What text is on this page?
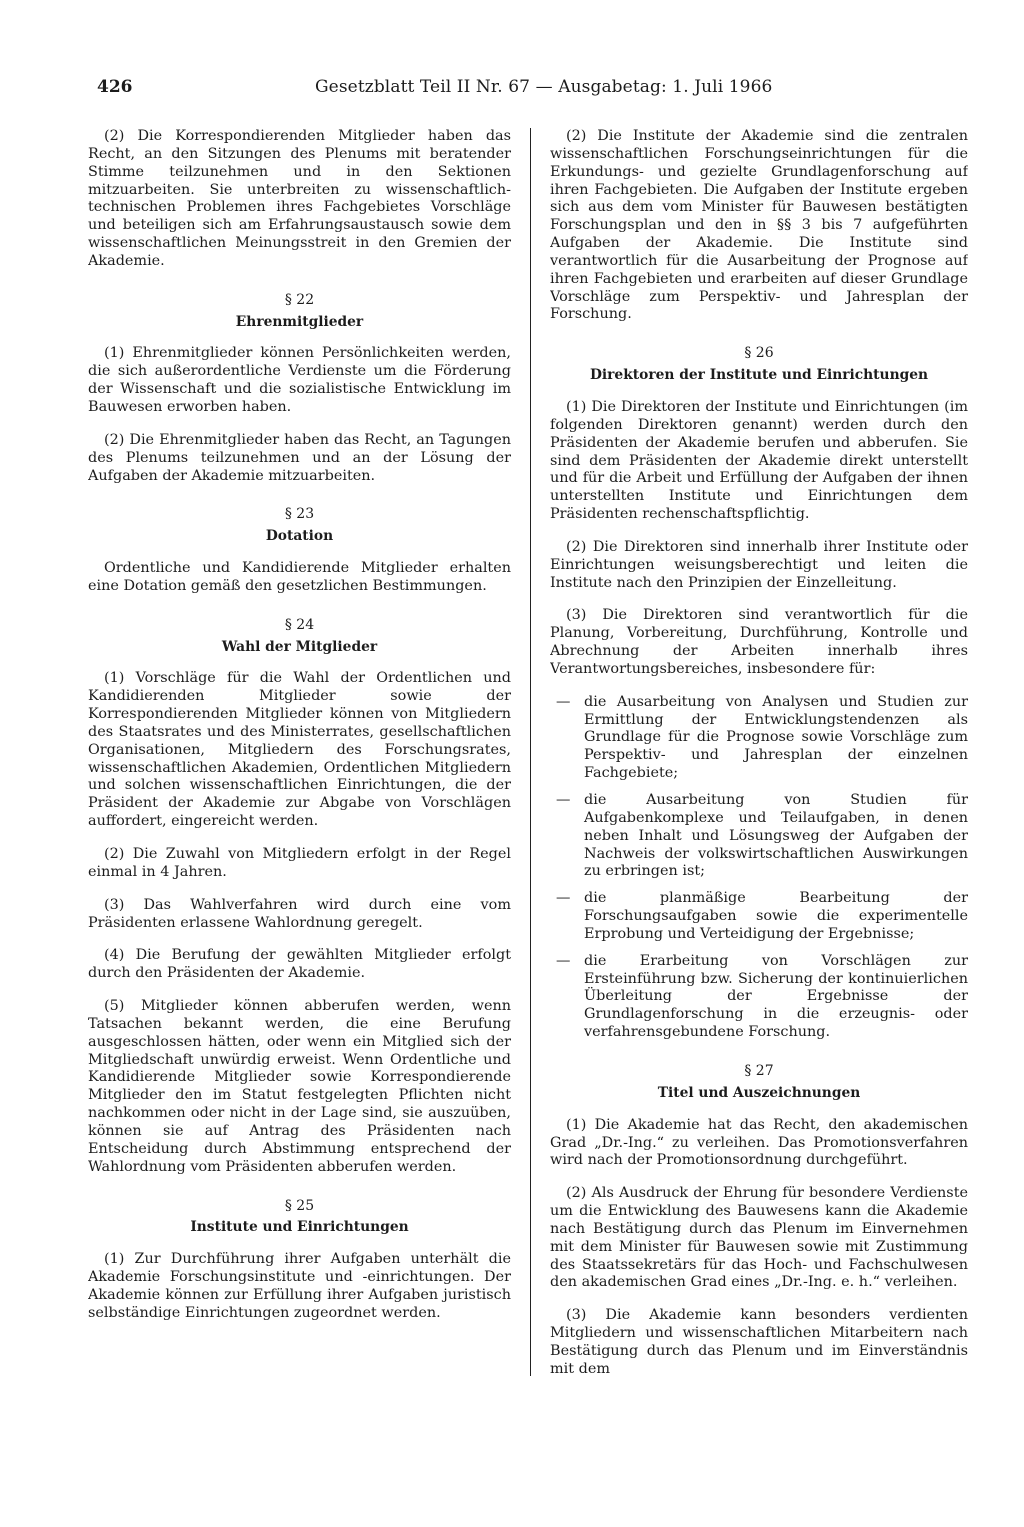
426	Gesetzblatt Teil II Nr. 67 — Ausgabetag: 1. Juli 1966

(2) Die Korrespondierenden Mitglieder haben das Recht, an den Sitzungen des Plenums mit beratender Stimme teilzunehmen und in den Sektionen mitzuarbeiten. Sie unterbreiten zu wissenschaftlich-technischen Problemen ihres Fachgebietes Vorschläge und beteiligen sich am Erfahrungsaustausch sowie dem wissenschaftlichen Meinungsstreit in den Gremien der Akademie.

§ 22
Ehrenmitglieder

(1) Ehrenmitglieder können Persönlichkeiten werden, die sich außerordentliche Verdienste um die Förderung der Wissenschaft und die sozialistische Entwicklung im Bauwesen erworben haben.

(2) Die Ehrenmitglieder haben das Recht, an Tagungen des Plenums teilzunehmen und an der Lösung der Aufgaben der Akademie mitzuarbeiten.

§ 23
Dotation

Ordentliche und Kandidierende Mitglieder erhalten eine Dotation gemäß den gesetzlichen Bestimmungen.

§ 24
Wahl der Mitglieder

(1) Vorschläge für die Wahl der Ordentlichen und Kandidierenden Mitglieder sowie der Korrespondierenden Mitglieder können von Mitgliedern des Staatsrates und des Ministerrates, gesellschaftlichen Organisationen, Mitgliedern des Forschungsrates, wissenschaftlichen Akademien, Ordentlichen Mitgliedern und solchen wissenschaftlichen Einrichtungen, die der Präsident der Akademie zur Abgabe von Vorschlägen auffordert, eingereicht werden.

(2) Die Zuwahl von Mitgliedern erfolgt in der Regel einmal in 4 Jahren.

(3) Das Wahlverfahren wird durch eine vom Präsidenten erlassene Wahlordnung geregelt.

(4) Die Berufung der gewählten Mitglieder erfolgt durch den Präsidenten der Akademie.

(5) Mitglieder können abberufen werden, wenn Tatsachen bekannt werden, die eine Berufung ausgeschlossen hätten, oder wenn ein Mitglied sich der Mitgliedschaft unwürdig erweist. Wenn Ordentliche und Kandidierende Mitglieder sowie Korrespondierende Mitglieder den im Statut festgelegten Pflichten nicht nachkommen oder nicht in der Lage sind, sie auszuüben, können sie auf Antrag des Präsidenten nach Entscheidung durch Abstimmung entsprechend der Wahlordnung vom Präsidenten abberufen werden.

§ 25
Institute und Einrichtungen

(1) Zur Durchführung ihrer Aufgaben unterhält die Akademie Forschungsinstitute und -einrichtungen. Der Akademie können zur Erfüllung ihrer Aufgaben juristisch selbständige Einrichtungen zugeordnet werden.

(2) Die Institute der Akademie sind die zentralen wissenschaftlichen Forschungseinrichtungen für die Erkundungs- und gezielte Grundlagenforschung auf ihren Fachgebieten. Die Aufgaben der Institute ergeben sich aus dem vom Minister für Bauwesen bestätigten Forschungsplan und den in §§ 3 bis 7 aufgeführten Aufgaben der Akademie. Die Institute sind verantwortlich für die Ausarbeitung der Prognose auf ihren Fachgebieten und erarbeiten auf dieser Grundlage Vorschläge zum Perspektiv- und Jahresplan der Forschung.

§ 26
Direktoren der Institute und Einrichtungen

(1) Die Direktoren der Institute und Einrichtungen (im folgenden Direktoren genannt) werden durch den Präsidenten der Akademie berufen und abberufen. Sie sind dem Präsidenten der Akademie direkt unterstellt und für die Arbeit und Erfüllung der Aufgaben der ihnen unterstellten Institute und Einrichtungen dem Präsidenten rechenschaftspflichtig.

(2) Die Direktoren sind innerhalb ihrer Institute oder Einrichtungen weisungsberechtigt und leiten die Institute nach den Prinzipien der Einzelleitung.

(3) Die Direktoren sind verantwortlich für die Planung, Vorbereitung, Durchführung, Kontrolle und Abrechnung der Arbeiten innerhalb ihres Verantwortungsbereiches, insbesondere für:

— die Ausarbeitung von Analysen und Studien zur Ermittlung der Entwicklungstendenzen als Grundlage für die Prognose sowie Vorschläge zum Perspektiv- und Jahresplan der einzelnen Fachgebiete;
— die Ausarbeitung von Studien für Aufgabenkomplexe und Teilaufgaben, in denen neben Inhalt und Lösungsweg der Aufgaben der Nachweis der volkswirtschaftlichen Auswirkungen zu erbringen ist;
— die planmäßige Bearbeitung der Forschungsaufgaben sowie die experimentelle Erprobung und Verteidigung der Ergebnisse;
— die Erarbeitung von Vorschlägen zur Ersteinführung bzw. Sicherung der kontinuierlichen Überleitung der Ergebnisse der Grundlagenforschung in die erzeugnis- oder verfahrensgebundene Forschung.
§ 27
Titel und Auszeichnungen

(1) Die Akademie hat das Recht, den akademischen Grad „Dr.-Ing.“ zu verleihen. Das Promotionsverfahren wird nach der Promotionsordnung durchgeführt.

(2) Als Ausdruck der Ehrung für besondere Verdienste um die Entwicklung des Bauwesens kann die Akademie nach Bestätigung durch das Plenum im Einvernehmen mit dem Minister für Bauwesen sowie mit Zustimmung des Staatssekretärs für das Hoch- und Fachschulwesen den akademischen Grad eines „Dr.-Ing. e. h.“ verleihen.

(3) Die Akademie kann besonders verdienten Mitgliedern und wissenschaftlichen Mitarbeitern nach Bestätigung durch das Plenum und im Einverständnis mit dem
